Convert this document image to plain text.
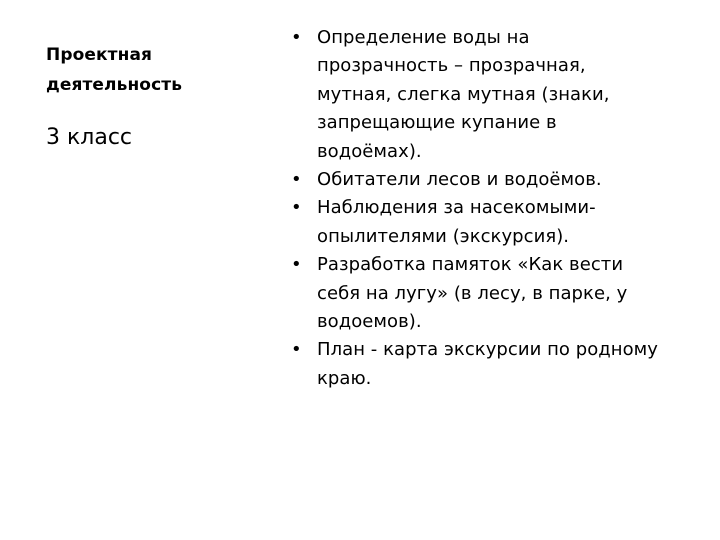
Проектная
деятельность
3 класс
• Определение воды на
прозрачность – прозрачная,
мутная, слегка мутная (знаки,
запрещающие купание в
водоёмах).
• Обитатели лесов и водоёмов.
• Наблюдения за насекомыми-
опылителями (экскурсия).
• Разработка памяток «Как вести
себя на лугу» (в лесу, в парке, у
водоемов).
• План - карта экскурсии по родному
краю.
